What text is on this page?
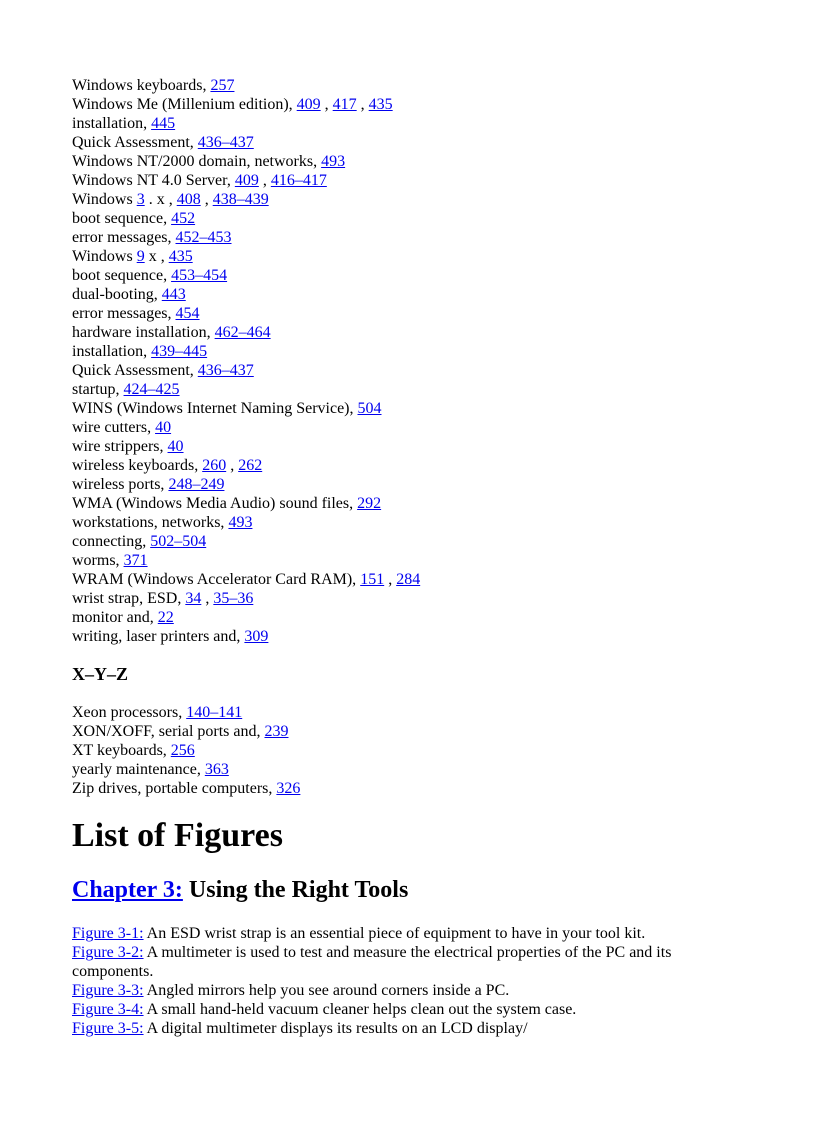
Windows keyboards, 257
Windows Me (Millenium edition), 409 , 417 , 435
installation, 445
Quick Assessment, 436–437
Windows NT/2000 domain, networks, 493
Windows NT 4.0 Server, 409 , 416–417
Windows 3 . x , 408 , 438–439
boot sequence, 452
error messages, 452–453
Windows 9 x , 435
boot sequence, 453–454
dual-booting, 443
error messages, 454
hardware installation, 462–464
installation, 439–445
Quick Assessment, 436–437
startup, 424–425
WINS (Windows Internet Naming Service), 504
wire cutters, 40
wire strippers, 40
wireless keyboards, 260 , 262
wireless ports, 248–249
WMA (Windows Media Audio) sound files, 292
workstations, networks, 493
connecting, 502–504
worms, 371
WRAM (Windows Accelerator Card RAM), 151 , 284
wrist strap, ESD, 34 , 35–36
monitor and, 22
writing, laser printers and, 309
X–Y–Z
Xeon processors, 140–141
XON/XOFF, serial ports and, 239
XT keyboards, 256
yearly maintenance, 363
Zip drives, portable computers, 326
List of Figures
Chapter 3: Using the Right Tools
Figure 3-1: An ESD wrist strap is an essential piece of equipment to have in your tool kit.
Figure 3-2: A multimeter is used to test and measure the electrical properties of the PC and its components.
Figure 3-3: Angled mirrors help you see around corners inside a PC.
Figure 3-4: A small hand-held vacuum cleaner helps clean out the system case.
Figure 3-5: A digital multimeter displays its results on an LCD display/
